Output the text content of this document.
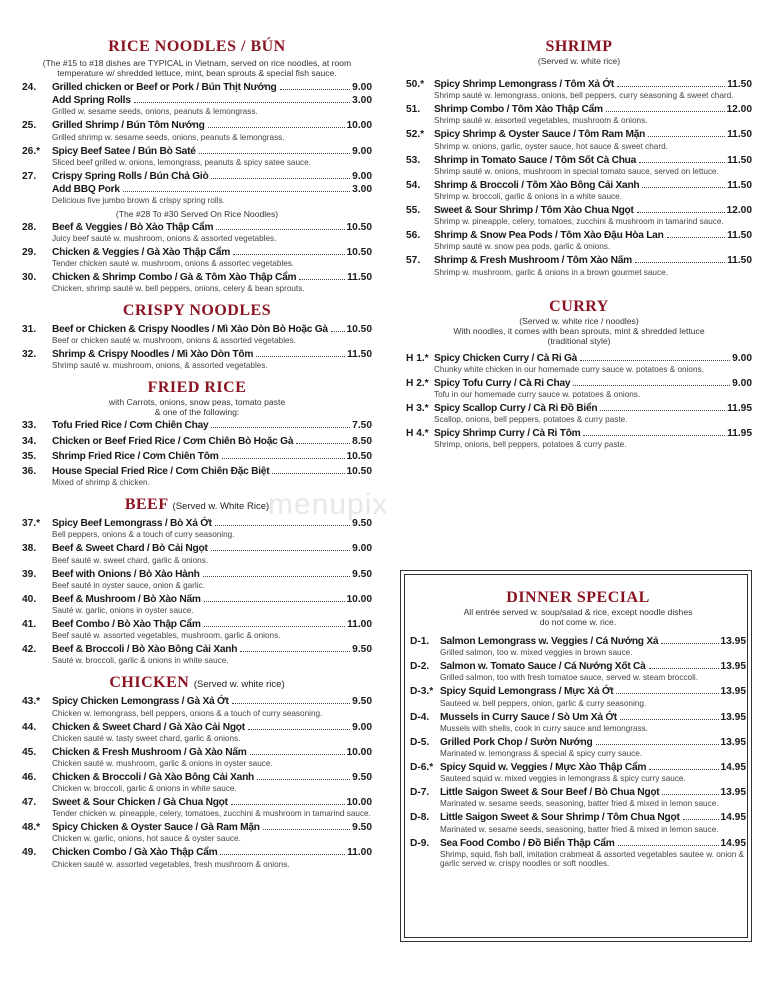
menupix
RICE NOODLES / BÚN
(The #15 to #18 dishes are TYPICAL in Vietnam, served on rice noodles, at room temperature w/ shredded lettuce, mint, bean sprouts & special fish sauce.
24.	Grilled chicken or Beef or Pork / Bún Thịt Nướng	9.00
Add Spring Rolls	3.00
Grilled w. sesame seeds, onions, peanuts & lemongrass.
25.	Grilled Shrimp / Bún Tôm Nướng	10.00
Grilled shrimp w. sesame seeds, onions, peanuts & lemongrass.
26.*	Spicy Beef Satee / Bún Bò Saté	9.00
Sliced beef grilled w. onions, lemongrass, peanuts & spicy satee sauce.
27.	Crispy Spring Rolls / Bún Chả Giò	9.00
Add BBQ Pork	3.00
Delicious five jumbo brown & crispy spring rolls.
(The #28 To #30 Served On Rice Noodles)
28.	Beef & Veggies / Bò Xào Thập Cẩm	10.50
Juicy beef sauté w. mushroom, onions & assorted vegetables.
29.	Chicken & Veggies / Gà Xào Thập Cẩm	10.50
Tender chicken sauté w. mushroom, onions & assortec vegetables.
30.	Chicken & Shrimp Combo / Gà & Tôm Xào Thập Cẩm	11.50
Chicken, shrimp sauté w. bell peppers, onions, celery & bean sprouts.
CRISPY NOODLES
31.	Beef or Chicken & Crispy Noodles / Mì Xào Dòn Bò Hoặc Gà 10.50
Beef or chicken sauté w. mushroom, onions & assorted vegetables.
32.	Shrimp & Crispy Noodles / Mì Xào Dòn Tôm	11.50
Shrimp sauté w. mushroom, onions, & assorted vegetables.
FRIED RICE
with Carrots, onions, snow peas, tomato paste
& one of the following:
33.	Tofu Fried Rice / Cơm Chiên Chay	7.50
34.	Chicken or Beef Fried Rice / Cơm Chiên Bò Hoặc Gà	8.50
35.	Shrimp Fried Rice / Cơm Chiên Tôm	10.50
36.	House Special Fried Rice / Cơm Chiên Đặc Biệt	10.50
Mixed of shrimp & chicken.
BEEF (Served w. White Rice)
37.*	Spicy Beef Lemongrass / Bò Xả Ớt	9.50
Bell peppers, onions & a touch of curry seasoning.
38.	Beef & Sweet Chard / Bò Cải Ngọt	9.00
Beef sauté w. sweet chard, garlic & onions.
39.	Beef with Onions / Bò Xào Hành	9.50
Beef sauté in oyster sauce, onion & garlic.
40.	Beef & Mushroom / Bò Xào Nấm	10.00
Sauté w. garlic, onions in oyster sauce.
41.	Beef Combo / Bò Xào Thập Cẩm	11.00
Beef sauté w. assorted vegetables, mushroom, garlic & onions.
42.	Beef & Broccoli / Bò Xào Bông Cải Xanh	9.50
Sauté w. broccoli, garlic & onions in white sauce.
CHICKEN (Served w. white rice)
43.*	Spicy Chicken Lemongrass / Gà Xả Ớt	9.50
Chicken w. lemongrass, bell peppers, onions & a touch of curry seasoning.
44.	Chicken & Sweet Chard / Gà Xào Cải Ngọt	9.00
Chicken sauté w. tasty sweet chard, garlic & onions.
45.	Chicken & Fresh Mushroom / Gà Xào Nấm	10.00
Chicken sauté w. mushroom, garlic & onions in oyster sauce.
46.	Chicken & Broccoli / Gà Xào Bông Cải Xanh	9.50
Chicken w. broccoli, garlic & onions in white sauce.
47.	Sweet & Sour Chicken / Gà Chua Ngọt	10.00
Tender chicken w. pineapple, celery, tomatoes, zucchini & mushroom in tamarind sauce.
48.*	Spicy Chicken & Oyster Sauce / Gà Ram Mặn	9.50
Chicken w. garlic, onions, hot sauce & oyster sauce.
49.	Chicken Combo / Gà Xào Thập Cẩm	11.00
Chicken sauté w. assorted vegetables, fresh mushroom & onions.
SHRIMP
(Served w. white rice)
50.* Spicy Shrimp Lemongrass / Tôm Xả Ớt	11.50
Shrimp sauté w. lemongrass, onions, bell peppers, curry seasoning & sweet chard.
51.	Shrimp Combo / Tôm Xào Thập Cẩm	12.00
Shrimp sauté w. assorted vegetables, mushroom & onions.
52.* Spicy Shrimp & Oyster Sauce / Tôm Ram Mặn	11.50
Shrimp w. onions, garlic, oyster sauce, hot sauce & sweet chard.
53.	Shrimp in Tomato Sauce / Tôm Sốt Cà Chua	11.50
Shrimp sauté w. onions, mushroom in special tomato sauce, served on lettuce.
54.	Shrimp & Broccoli / Tôm Xào Bông Cải Xanh	11.50
Shrimp w. broccoli, garlic & onions in a white sauce.
55.	Sweet & Sour Shrimp / Tôm Xào Chua Ngọt	12.00
Shrimp w. pineapple, celery, tomatoes, zucchini & mushroom in tamarind sauce.
56.	Shrimp & Snow Pea Pods / Tôm Xào Đậu Hòa Lan	11.50
Shrimp sauté w. snow pea pods, garlic & onions.
57.	Shrimp & Fresh Mushroom / Tôm Xào Nấm	11.50
Shrimp w. mushroom, garlic & onions in a brown gourmet sauce.
CURRY
(Served w. white rice / noodles)
With noodles, it comes with bean sprouts, mint & shredded lettuce
(traditional style)
H 1.* Spicy Chicken Curry / Cà Ri Gà	9.00
Chunky white chicken in our homemade curry sauce w. potatoes & onions.
H 2.* Spicy Tofu Curry / Cà Ri Chay	9.00
Tofu in our homemade curry sauce w. potatoes & onions.
H 3.* Spicy Scallop Curry / Cà Ri Đồ Biển	11.95
Scallop, onions, bell peppers, potatoes & curry paste.
H 4.* Spicy Shrimp Curry / Cà Ri Tôm	11.95
Shrimp, onions, bell peppers, potatoes & curry paste.
DINNER SPECIAL
All entrée served w. soup/salad & rice, except noodle dishes
do not come w. rice.
D-1.	Salmon Lemongrass w. Veggies / Cá Nướng Xả	13.95
Grilled salmon, too w. mixed veggies in brown sauce.
D-2.	Salmon w. Tomato Sauce / Cá Nướng Xốt Cà	13.95
Grilled salmon, too with fresh tomatoe sauce, served w. steam broccoli.
D-3.* Spicy Squid Lemongrass / Mực Xả Ớt	13.95
Sauteed w. bell peppers, onion, garlic & curry seasoning.
D-4.	Mussels in Curry Sauce / Sò Um Xả Ớt	13.95
Mussels with shells, cook in curry sauce and lemongrass.
D-5.	Grilled Pork Chop / Sườn Nướng	13.95
Marinated w. lemongrass & special & spicy curry sauce.
D-6.* Spicy Squid w. Veggies / Mực Xào Thập Cẩm	14.95
Sauteed squid w. mixed veggies in lemongrass & spicy curry sauce.
D-7.	Little Saigon Sweet & Sour Beef / Bò Chua Ngọt	13.95
Marinated w. sesame seeds, seasoning, batter fried & mixed in lemon sauce.
D-8.	Little Saigon Sweet & Sour Shrimp / Tôm Chua Ngọt	14.95
Marinated w. sesame seeds, seasoning, batter fried & mixed in lemon sauce.
D-9.	Sea Food Combo / Đồ Biển Thập Cẩm	14.95
Shrimp, squid, fish ball, imitation crabmeat & assorted vegetables sautee w. onion & garlic served w. crispy noodles or soft noodles.
